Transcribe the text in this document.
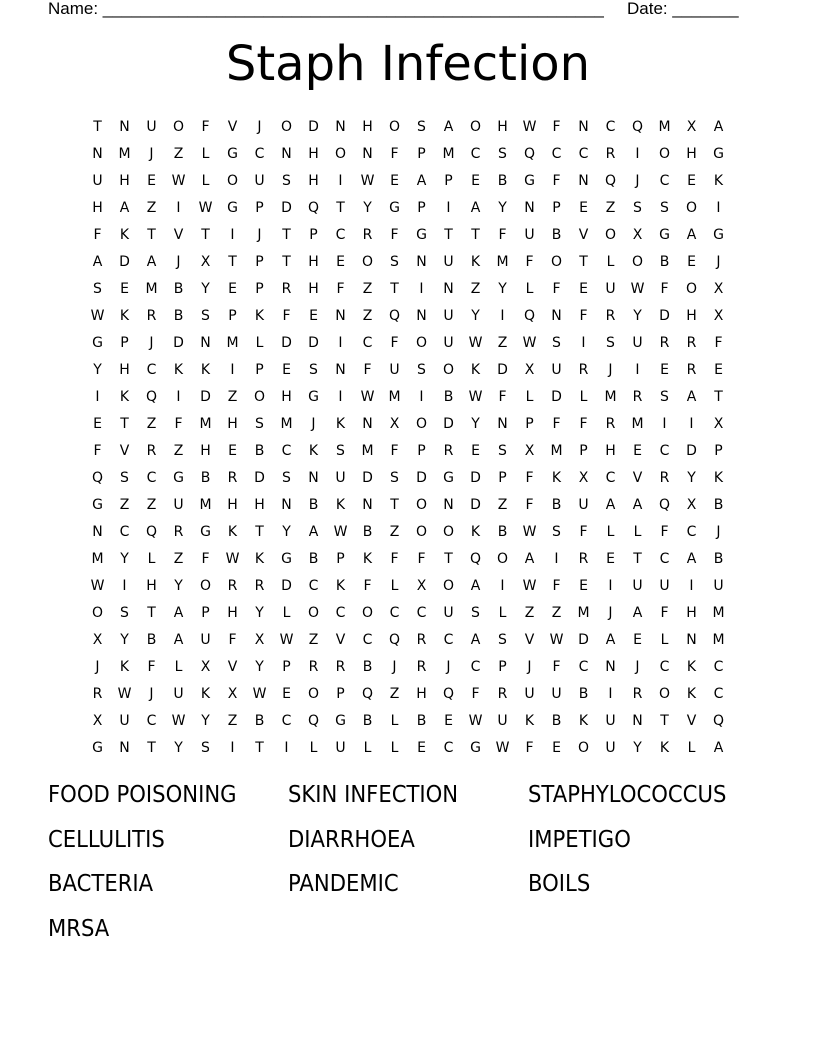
Name: _____________________________________________________ Date: _______
Staph Infection
T	N	U	O	F	V	J	O	D	N	H	O	S	A	O	H	W	F	N	C	Q	M	X	A
N	M	J	Z	L	G	C	N	H	O	N	F	P	M	C	S	Q	C	C	R	I	O	H	G
U	H	E	W	L	O	U	S	H	I	W	E	A	P	E	B	G	F	N	Q	J	C	E	K
H	A	Z	I	W	G	P	D	Q	T	Y	G	P	I	A	Y	N	P	E	Z	S	S	O	I
F	K	T	V	T	I	J	T	P	C	R	F	G	T	T	F	U	B	V	O	X	G	A	G
A	D	A	J	X	T	P	T	H	E	O	S	N	U	K	M	F	O	T	L	O	B	E	J
S	E	M	B	Y	E	P	R	H	F	Z	T	I	N	Z	Y	L	F	E	U	W	F	O	X
W	K	R	B	S	P	K	F	E	N	Z	Q	N	U	Y	I	Q	N	F	R	Y	D	H	X
G	P	J	D	N	M	L	D	D	I	C	F	O	U	W	Z	W	S	I	S	U	R	R	F
Y	H	C	K	K	I	P	E	S	N	F	U	S	O	K	D	X	U	R	J	I	E	R	E
I	K	Q	I	D	Z	O	H	G	I	W	M	I	B	W	F	L	D	L	M	R	S	A	T
E	T	Z	F	M	H	S	M	J	K	N	X	O	D	Y	N	P	F	F	R	M	I	I	X
F	V	R	Z	H	E	B	C	K	S	M	F	P	R	E	S	X	M	P	H	E	C	D	P
Q	S	C	G	B	R	D	S	N	U	D	S	D	G	D	P	F	K	X	C	V	R	Y	K
G	Z	Z	U	M	H	H	N	B	K	N	T	O	N	D	Z	F	B	U	A	A	Q	X	B
N	C	Q	R	G	K	T	Y	A	W	B	Z	O	O	K	B	W	S	F	L	L	F	C	J
M	Y	L	Z	F	W	K	G	B	P	K	F	F	T	Q	O	A	I	R	E	T	C	A	B
W	I	H	Y	O	R	R	D	C	K	F	L	X	O	A	I	W	F	E	I	U	U	I	U
O	S	T	A	P	H	Y	L	O	C	O	C	C	U	S	L	Z	Z	M	J	A	F	H	M
X	Y	B	A	U	F	X	W	Z	V	C	Q	R	C	A	S	V	W	D	A	E	L	N	M
J	K	F	L	X	V	Y	P	R	R	B	J	R	J	C	P	J	F	C	N	J	C	K	C
R	W	J	U	K	X	W	E	O	P	Q	Z	H	Q	F	R	U	U	B	I	R	O	K	C
X	U	C	W	Y	Z	B	C	Q	G	B	L	B	E	W	U	K	B	K	U	N	T	V	Q
G	N	T	Y	S	I	T	I	L	U	L	L	E	C	G	W	F	E	O	U	Y	K	L	A
FOOD POISONING	SKIN INFECTION	STAPHYLOCOCCUS
CELLULITIS	DIARRHOEA	IMPETIGO
BACTERIA	PANDEMIC	BOILS
MRSA
